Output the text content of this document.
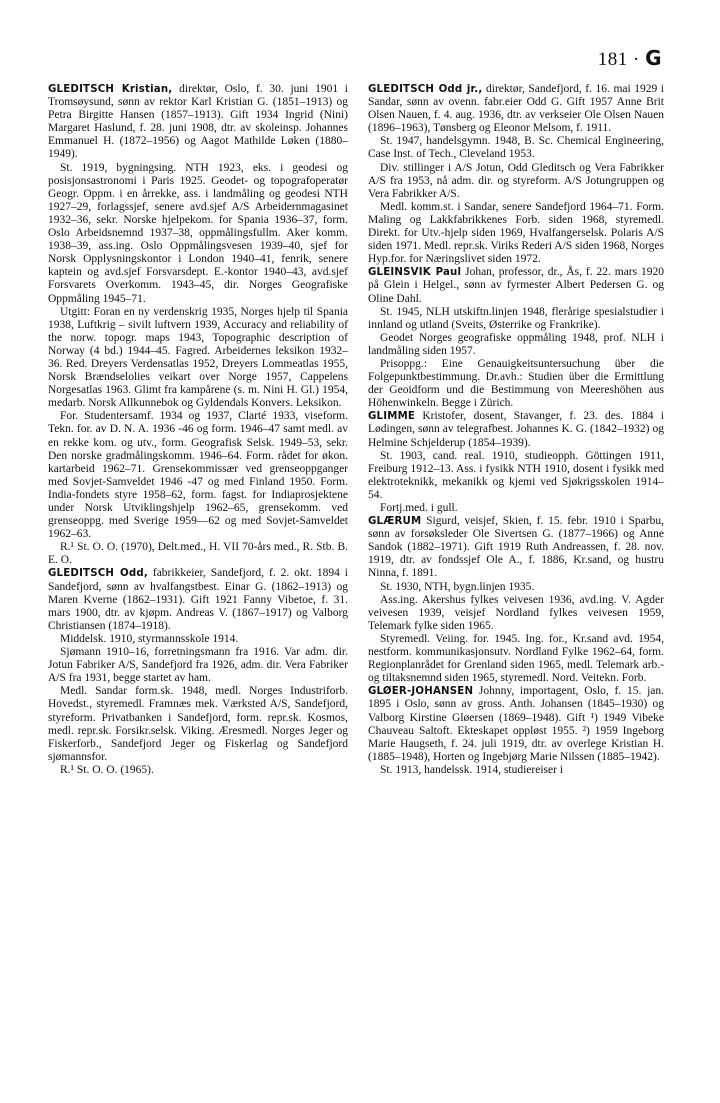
181 · G

GLEDITSCH Kristian, direktør, Oslo, f. 30. juni 1901 i Tromsøysund, sønn av rektor Karl Kristian G. (1851–1913) og Petra Birgitte Hansen (1857–1913). Gift 1934 Ingrid (Nini) Margaret Haslund, f. 28. juni 1908, dtr. av skoleinsp. Johannes Emmanuel H. (1872–1956) og Aagot Mathilde Løken (1880–1949).

St. 1919, bygningsing. NTH 1923, eks. i geodesi og posisjonsastronomi i Paris 1925. Geodet- og topografoperatør Geogr. Oppm. i en årrekke, ass. i landmåling og geodesi NTH 1927–29, forlagssjef, senere avd.sjef A/S Arbeidernmagasinet 1932–36, sekr. Norske hjelpekom. for Spania 1936–37, form. Oslo Arbeidsnemnd 1937–38, oppmålingsfullm. Aker komm. 1938–39, ass.ing. Oslo Oppmålingsvesen 1939–40, sjef for Norsk Opplysningskontor i London 1940–41, fenrik, senere kaptein og avd.sjef Forsvarsdept. E.-kontor 1940–43, avd.sjef Forsvarets Overkomm. 1943–45, dir. Norges Geografiske Oppmåling 1945–71.

Utgitt: Foran en ny verdenskrig 1935, Norges hjelp til Spania 1938, Luftkrig – sivilt luftvern 1939, Accuracy and reliability of the norw. topogr. maps 1943, Topographic description of Norway (4 bd.) 1944–45. Fagred. Arbeidernes leksikon 1932–36. Red. Dreyers Verdensatlas 1952, Dreyers Lommeatlas 1955, Norsk Brændselolies veikart over Norge 1957, Cappelens Norgesatlas 1963. Glimt fra kampårene (s. m. Nini H. Gl.) 1954, medarb. Norsk Allkunnebok og Gyldendals Konvers. Leksikon.

For. Studentersamf. 1934 og 1937, Clarté 1933, viseform. Tekn. for. av D. N. A. 1936 -46 og form. 1946–47 samt medl. av en rekke kom. og utv., form. Geografisk Selsk. 1949–53, sekr. Den norske gradmålingskomm. 1946–64. Form. rådet for økon. kartarbeid 1962–71. Grensekommissær ved grenseoppganger med Sovjet-Samveldet 1946 -47 og med Finland 1950. Form. India-fondets styre 1958–62, form. fagst. for Indiaprosjektene under Norsk Utviklingshjelp 1962–65, grensekomm. ved grenseoppg. med Sverige 1959—62 og med Sovjet-Samveldet 1962–63.

R.¹ St. O. O. (1970), Delt.med., H. VII 70-års med., R. Stb. B. E. O.

GLEDITSCH Odd, fabrikkeier, Sandefjord, f. 2. okt. 1894 i Sandefjord, sønn av hvalfangstbest. Einar G. (1862–1913) og Maren Kverne (1862–1931). Gift 1921 Fanny Vibetoe, f. 31. mars 1900, dtr. av kjøpm. Andreas V. (1867–1917) og Valborg Christiansen (1874–1918).

Middelsk. 1910, styrmannsskole 1914.

Sjømann 1910–16, forretningsmann fra 1916. Var adm. dir. Jotun Fabriker A/S, Sandefjord fra 1926, adm. dir. Vera Fabriker A/S fra 1931, begge startet av ham.

Medl. Sandar form.sk. 1948, medl. Norges Industriforb. Hovedst., styremedl. Framnæs mek. Værksted A/S, Sandefjord, styreform. Privatbanken i Sandefjord, form. repr.sk. Kosmos, medl. repr.sk. Forsikr.selsk. Viking. Æresmedl. Norges Jeger og Fiskerforb., Sandefjord Jeger og Fiskerlag og Sandefjord sjømannsfor.

R.¹ St. O. O. (1965).

GLEDITSCH Odd jr., direktør, Sandefjord, f. 16. mai 1929 i Sandar, sønn av ovenn. fabr.eier Odd G. Gift 1957 Anne Brit Olsen Nauen, f. 4. aug. 1936, dtr. av verkseier Ole Olsen Nauen (1896–1963), Tønsberg og Eleonor Melsom, f. 1911.

St. 1947, handelsgymn. 1948, B. Sc. Chemical Engineering, Case Inst. of Tech., Cleveland 1953.

Div. stillinger i A/S Jotun, Odd Gleditsch og Vera Fabrikker A/S fra 1953, nå adm. dir. og styreform. A/S Jotungruppen og Vera Fabrikker A/S.

Medl. komm.st. i Sandar, senere Sandefjord 1964–71. Form. Maling og Lakkfabrikkenes Forb. siden 1968, styremedl. Direkt. for Utv.-hjelp siden 1969, Hvalfangerselsk. Polaris A/S siden 1971. Medl. repr.sk. Viriks Rederi A/S siden 1968, Norges Hyp.for. for Næringslivet siden 1972.

GLEINSVIK Paul Johan, professor, dr., Ås, f. 22. mars 1920 på Glein i Helgel., sønn av fyrmester Albert Pedersen G. og Oline Dahl.

St. 1945, NLH utskiftn.linjen 1948, flerårige spesialstudier i innland og utland (Sveits, Østerrike og Frankrike).

Geodet Norges geografiske oppmåling 1948, prof. NLH i landmåling siden 1957.

Prisoppg.: Eine Genauigkeitsuntersuchung über die Folgepunktbestimmung. Dr.avh.: Studien über die Ermittlung der Geoidform und die Bestimmung von Meereshöhen aus Höhenwinkeln. Begge i Zürich.

GLIMME Kristofer, dosent, Stavanger, f. 23. des. 1884 i Lødingen, sønn av telegrafbest. Johannes K. G. (1842–1932) og Helmine Schjelderup (1854–1939).

St. 1903, cand. real. 1910, studieopph. Göttingen 1911, Freiburg 1912–13. Ass. i fysikk NTH 1910, dosent i fysikk med elektroteknikk, mekanikk og kjemi ved Sjøkrigsskolen 1914–54.

Fortj.med. i gull.

GLÆRUM Sigurd, veisjef, Skien, f. 15. febr. 1910 i Sparbu, sønn av forsøksleder Ole Sivertsen G. (1877–1966) og Anne Sandok (1882–1971). Gift 1919 Ruth Andreassen, f. 28. nov. 1919, dtr. av fondssjef Ole A., f. 1886, Kr.sand, og hustru Ninna, f. 1891.

St. 1930, NTH, bygn.linjen 1935.

Ass.ing. Akershus fylkes veivesen 1936, avd.ing. V. Agder veivesen 1939, veisjef Nordland fylkes veivesen 1959, Telemark fylke siden 1965.

Styremedl. Veiing. for. 1945. Ing. for., Kr.sand avd. 1954, nestform. kommunikasjonsutv. Nordland Fylke 1962–64, form. Regionplanrådet for Grenland siden 1965, medl. Telemark arb.- og tiltaksnemnd siden 1965, styremedl. Nord. Veitekn. Forb.

GLØER-JOHANSEN Johnny, importagent, Oslo, f. 15. jan. 1895 i Oslo, sønn av gross. Anth. Johansen (1845–1930) og Valborg Kirstine Gløersen (1869–1948). Gift ¹) 1949 Vibeke Chauveau Saltoft. Ekteskapet oppløst 1955. ²) 1959 Ingeborg Marie Haugseth, f. 24. juli 1919, dtr. av overlege Kristian H. (1885–1948), Horten og Ingebjørg Marie Nilssen (1885–1942).

St. 1913, handelssk. 1914, studiereiser i
